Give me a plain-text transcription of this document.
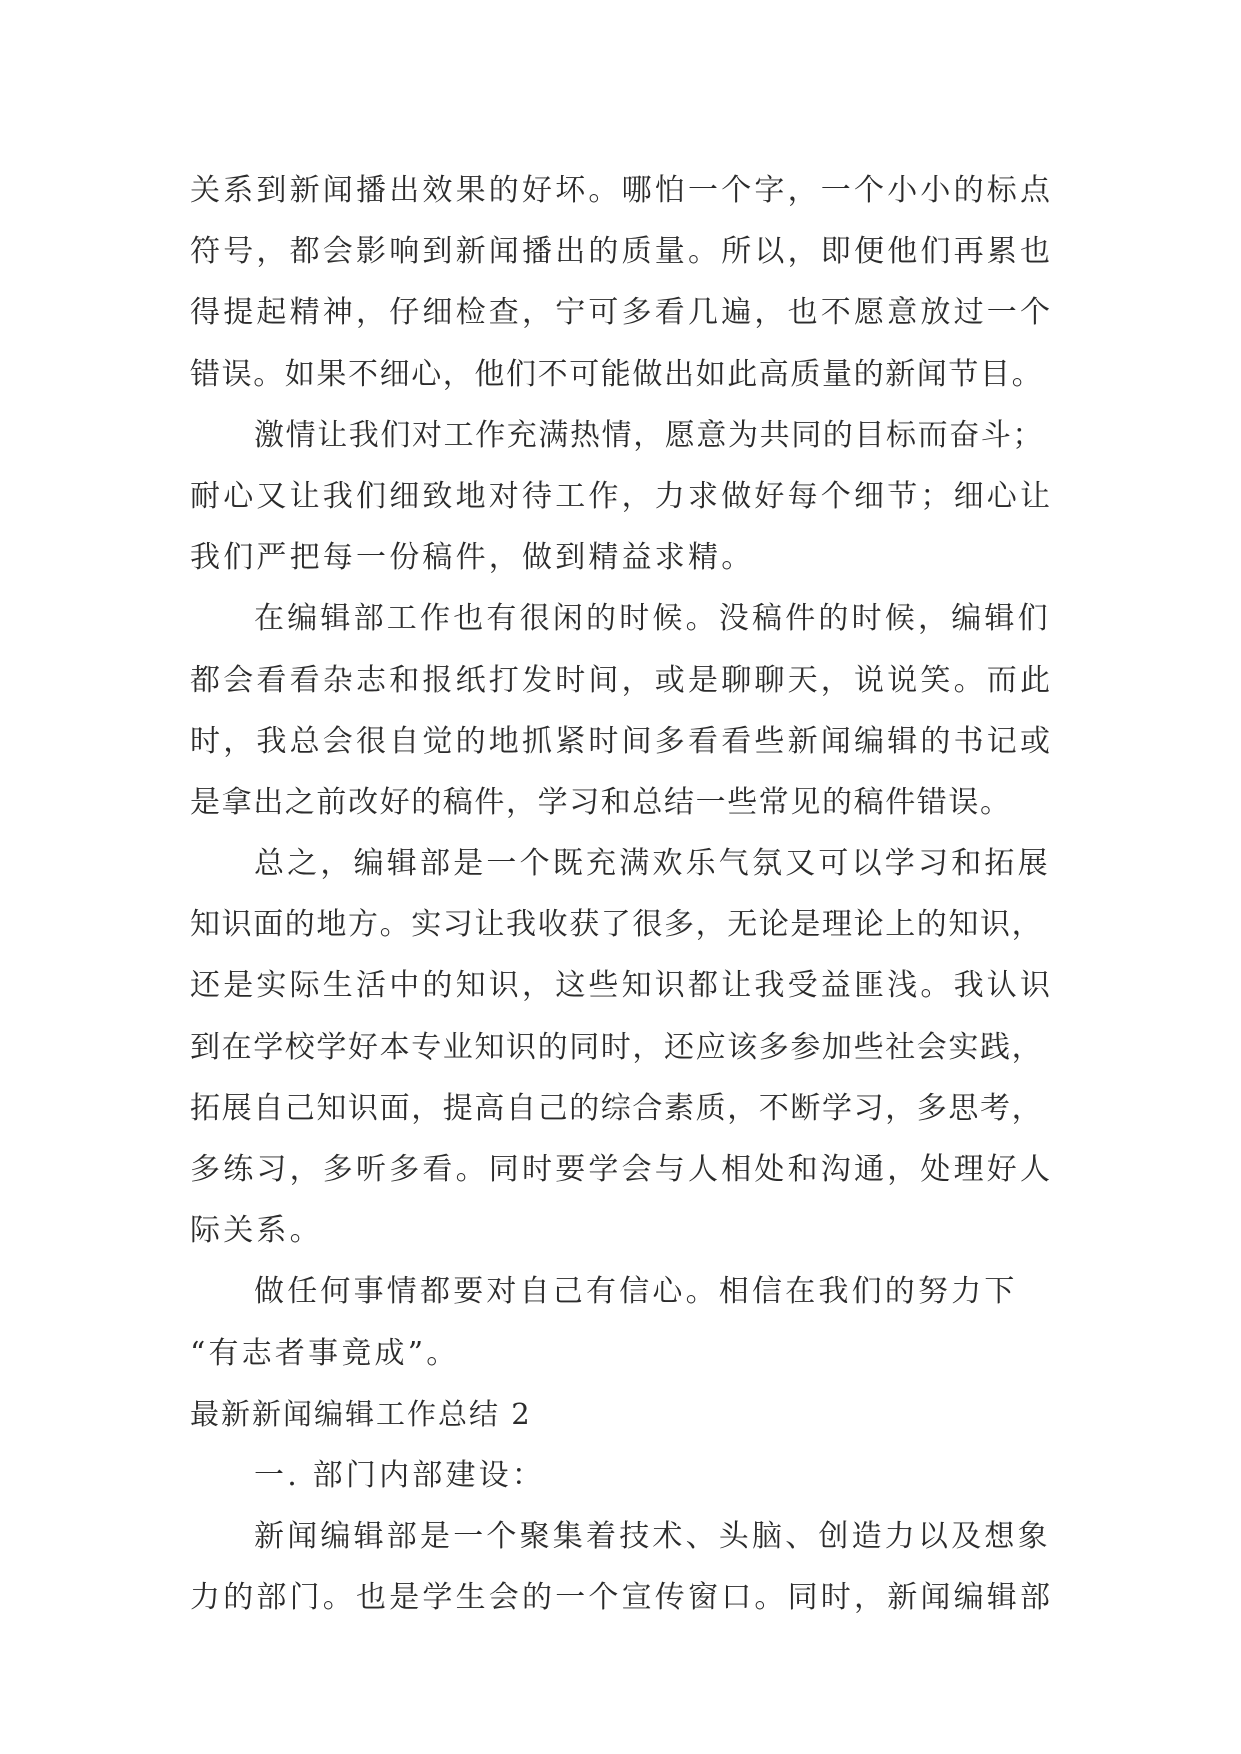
关系到新闻播出效果的好坏。哪怕一个字，一个小小的标点
符号，都会影响到新闻播出的质量。所以，即便他们再累也
得提起精神，仔细检查，宁可多看几遍，也不愿意放过一个
错误。如果不细心，他们不可能做出如此高质量的新闻节目。
激情让我们对工作充满热情，愿意为共同的目标而奋斗；
耐心又让我们细致地对待工作，力求做好每个细节；细心让
我们严把每一份稿件，做到精益求精。
在编辑部工作也有很闲的时候。没稿件的时候，编辑们
都会看看杂志和报纸打发时间，或是聊聊天，说说笑。而此
时，我总会很自觉的地抓紧时间多看看些新闻编辑的书记或
是拿出之前改好的稿件，学习和总结一些常见的稿件错误。
总之，编辑部是一个既充满欢乐气氛又可以学习和拓展
知识面的地方。实习让我收获了很多，无论是理论上的知识，
还是实际生活中的知识，这些知识都让我受益匪浅。我认识
到在学校学好本专业知识的同时，还应该多参加些社会实践，
拓展自己知识面，提高自己的综合素质，不断学习，多思考，
多练习，多听多看。同时要学会与人相处和沟通，处理好人
际关系。
做任何事情都要对自己有信心。相信在我们的努力下
“有志者事竟成”。
最新新闻编辑工作总结 2
一. 部门内部建设：
新闻编辑部是一个聚集着技术、头脑、创造力以及想象
力的部门。也是学生会的一个宣传窗口。同时，新闻编辑部
